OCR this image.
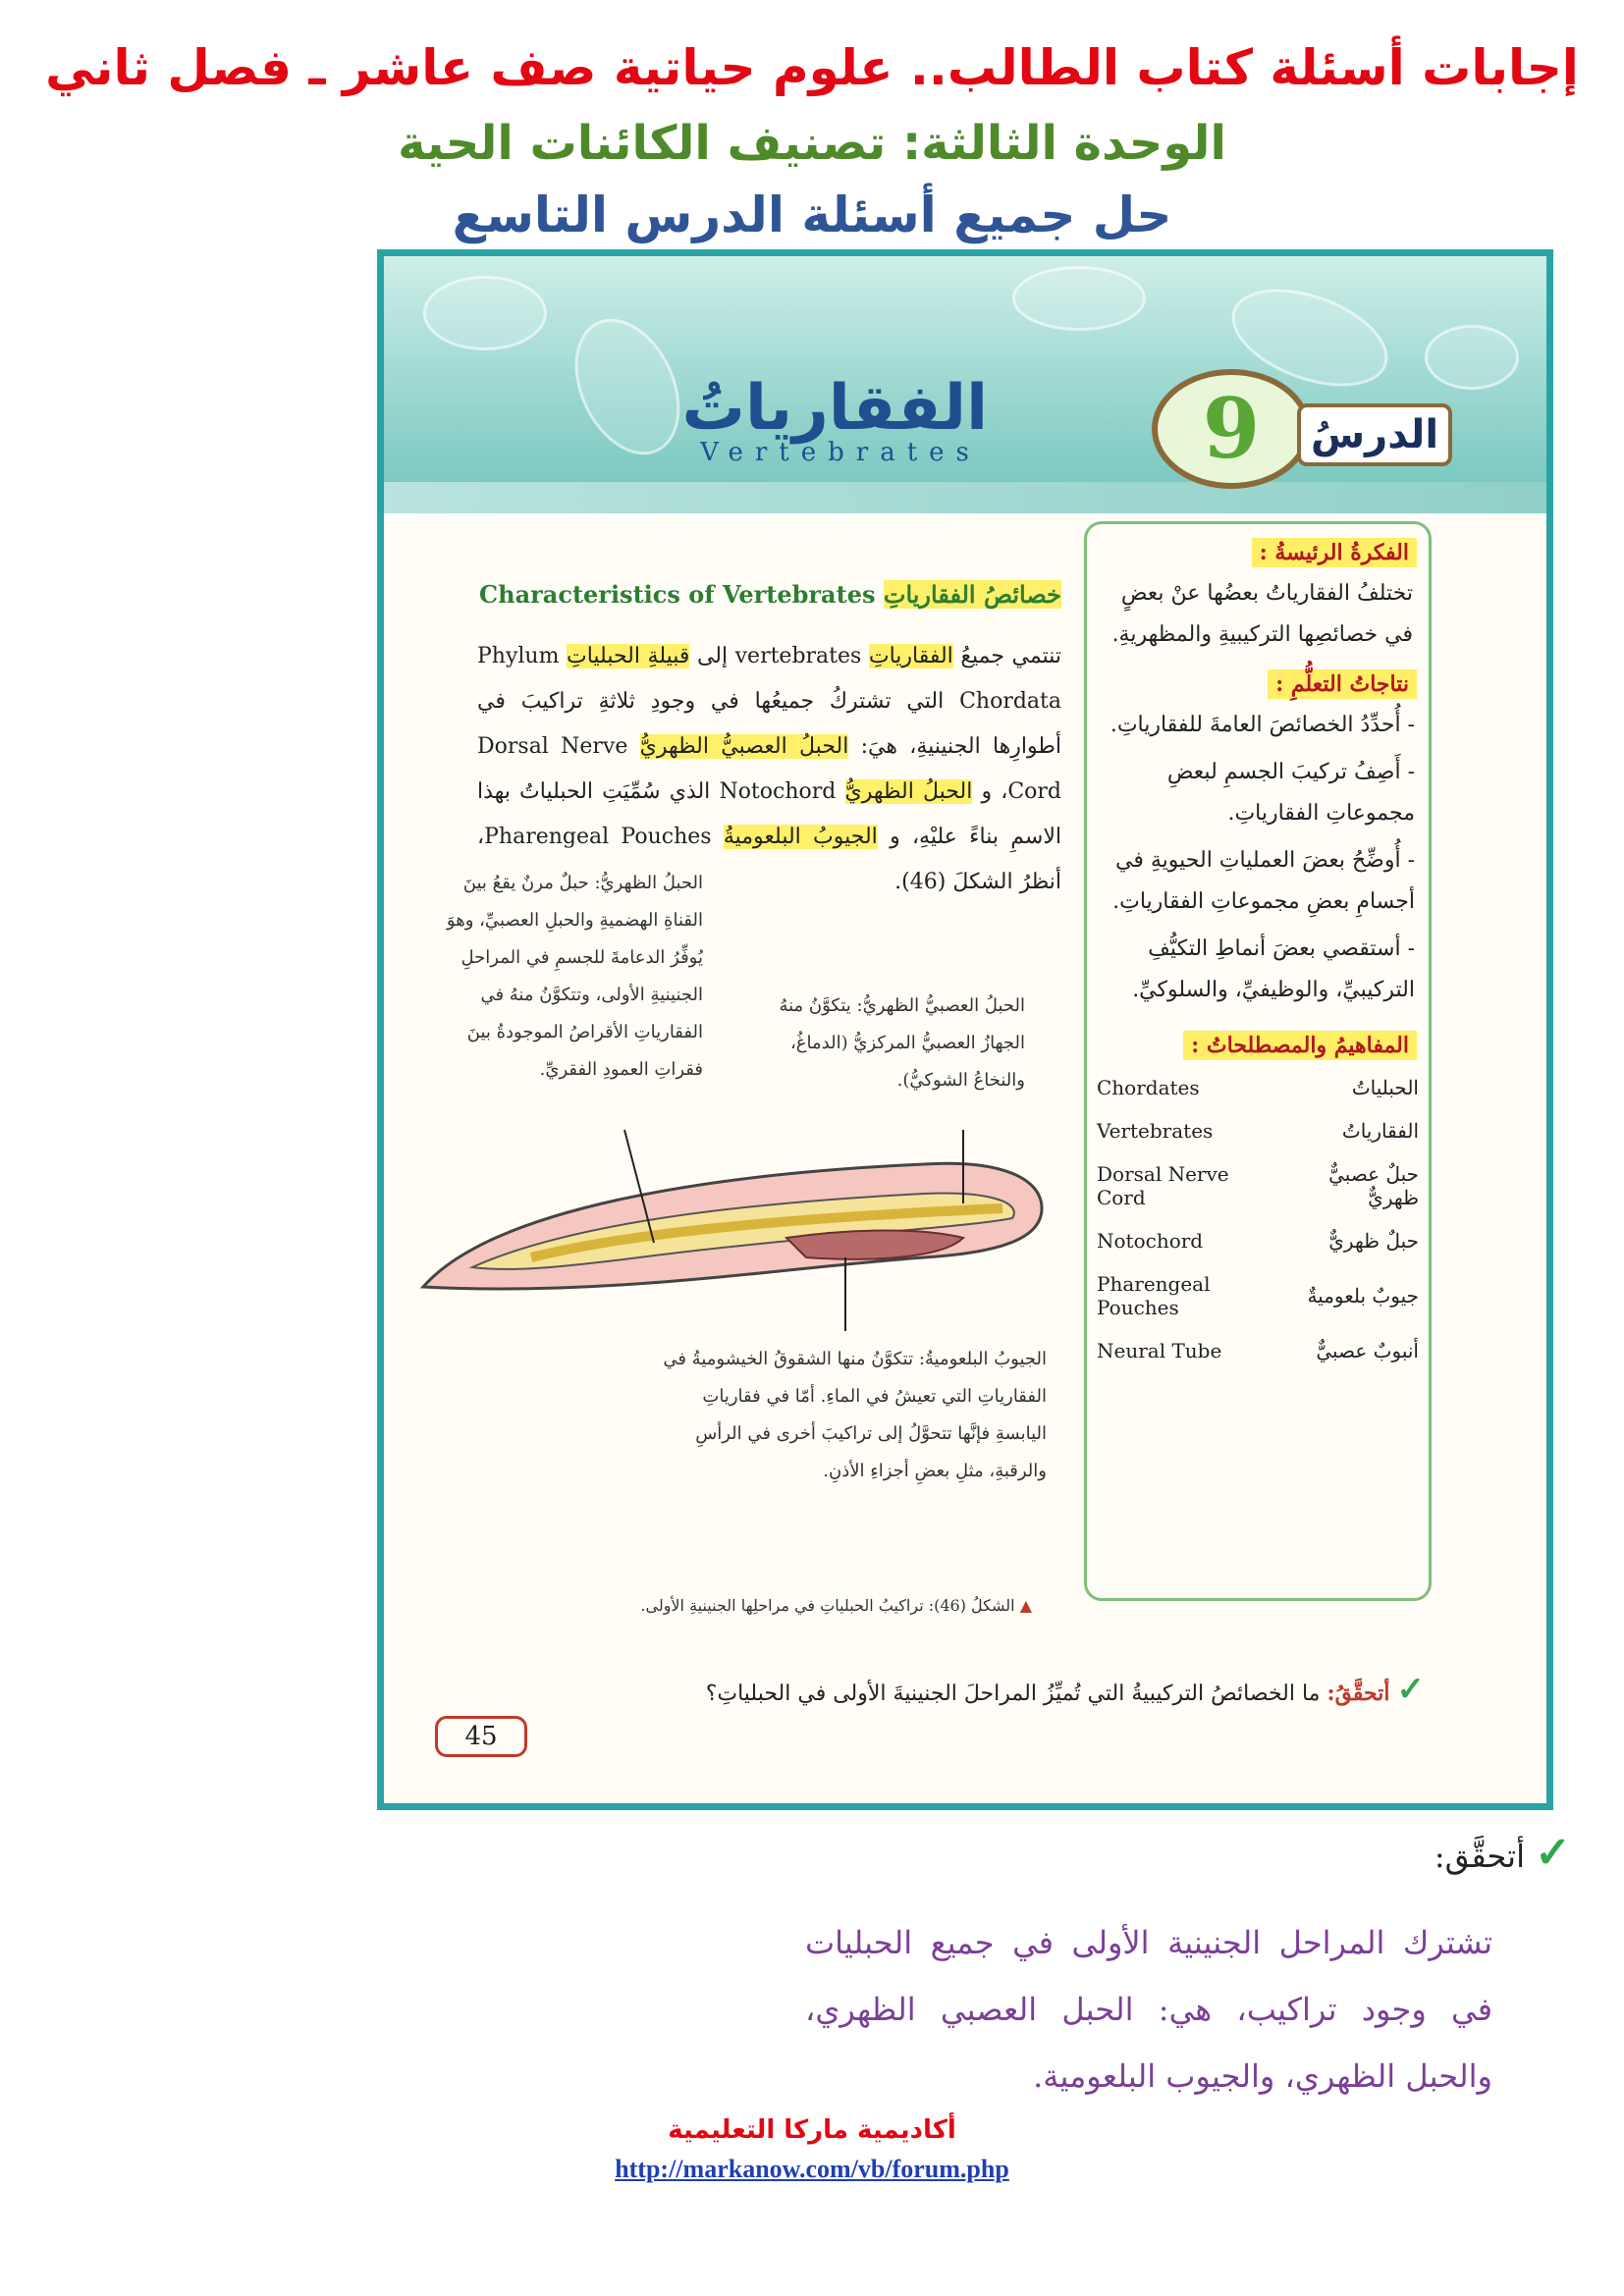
إجابات أسئلة كتاب الطالب.. علوم حياتية صف عاشر ـ فصل ثاني
الوحدة الثالثة: تصنيف الكائنات الحية
حل جميع أسئلة الدرس التاسع
الفقارياتُ
Vertebrates	9	الدرسُ
Characteristics of Vertebrates خصائصُ الفقارياتِ
تنتمي جميعُ الفقارياتِ vertebrates إلى قبيلةِ الحبلياتِ Phylum Chordata التي تشتركُ جميعُها في وجودِ ثلاثةِ تراكيبَ في أطوارِها الجنينيةِ، هيَ: الحبلُ العصبيُّ الظهريُّ Dorsal Nerve Cord، و الحبلُ الظهريُّ Notochord الذي سُمِّيَتِ الحبلياتُ بهذا الاسمِ بناءً عليْهِ، و الجيوبُ البلعوميةُ Pharengeal Pouches، أنظرُ الشكلَ (46).
الحبلُ الظهريُّ: حبلٌ مرنٌ يقعُ بينَ القناةِ الهضميةِ والحبلِ العصبيِّ، وهوَ يُوفِّرُ الدعامةَ للجسمِ في المراحلِ الجنينيةِ الأولى، وتتكوَّنُ منهُ في الفقارياتِ الأقراصُ الموجودةُ بينَ فقراتِ العمودِ الفقريِّ.
الحبلُ العصبيُّ الظهريُّ: يتكوَّنُ منهُ الجهازُ العصبيُّ المركزيُّ (الدماغُ، والنخاعُ الشوكيُّ).
الجيوبُ البلعوميةُ: تتكوَّنُ منها الشقوقُ الخيشوميةُ في الفقارياتِ التي تعيشُ في الماءِ. أمّا في فقارياتِ اليابسةِ فإنَّها تتحوَّلُ إلى تراكيبَ أخرى في الرأسِ والرقبةِ، مثلِ بعضِ أجزاءِ الأذنِ.
▲ الشكلُ (46): تراكيبُ الحبلياتِ في مراحلِها الجنينيةِ الأولى.
الفكرةُ الرئيسةُ :
تختلفُ الفقارياتُ بعضُها عنْ بعضٍ في خصائصِها التركيبيةِ والمظهريةِ.
نتاجاتُ التعلُّمِ :
- أُحدِّدُ الخصائصَ العامةَ للفقارياتِ.
- أَصِفُ تركيبَ الجسمِ لبعضِ مجموعاتِ الفقارياتِ.
- أُوضِّحُ بعضَ العملياتِ الحيويةِ في أجسامِ بعضِ مجموعاتِ الفقارياتِ.
- أستقصي بعضَ أنماطِ التكيُّفِ التركيبيِّ، والوظيفيِّ، والسلوكيِّ.
المفاهيمُ والمصطلحاتُ :
الحبلياتُ	Chordates
الفقارياتُ	Vertebrates
حبلٌ عصبيٌّ ظهريٌّ	Dorsal Nerve Cord
حبلٌ ظهريٌّ	Notochord
جيوبٌ بلعوميةٌ	Pharengeal Pouches
أنبوبٌ عصبيٌّ	Neural Tube
✓ أتحقَّقُ: ما الخصائصُ التركيبيةُ التي تُميِّزُ المراحلَ الجنينيةَ الأولى في الحبلياتِ؟
45
✓ أتحقَّق:
تشترك المراحل الجنينية الأولى في جميع الحبليات في وجود تراكيب، هي: الحبل العصبي الظهري، والحبل الظهري، والجيوب البلعومية.
أكاديمية ماركا التعليمية
http://markanow.com/vb/forum.php
